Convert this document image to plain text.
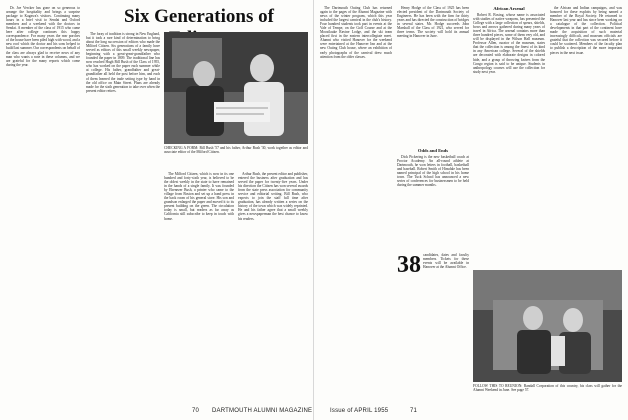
Dr. Joe Vercker has gone on so generous to arrange the hospitality and brings a surprise package to Kagawa's visitors. Continuing many hours in a brief visit to Sendai and Oxford members and a weekend with the doctors in Sendai. A member of the class of 1915 who came here after college continues this happy correspondence. For many years the rear porches of the house have been piled high with wood, and a new roof which the doctor and his sons helped to build last summer. Our correspondents on behalf of the class are always glad to receive news of any man who wants a note in these columns, and we are grateful for the many reports which come during the year.

Six Generations of

The foray of tradition is strong in New England, but it took a rare kind of determination to bring about the long succession of editors who made the Milford Citizen. Six generations of a family have served as editors of this small weekly newspaper, beginning with a great-great-grandfather who founded the paper in 1809. The traditional line has now reached Hugh Bill Bush of the Class of 1955, who has worked on the paper each summer while at college. His father, grandfather and great-grandfather all held the post before him, and each of them learned the trade setting type by hand in the old office on Main Street. Plans are already made for the sixth generation to take over when the present editor retires.

CHECKING A FORM: Bill Bush '57 and his father, Arthur Bush '30, work together as editor and associate editor of the Milford Citizen.

The Milford Citizen, which is now in its one hundred and forty-sixth year, is believed to be the oldest weekly in the state to have remained in the hands of a single family. It was founded by Ebenezer Bush, a printer who came to the village from Boston and set up a hand press in the back room of his general store. His son and grandson enlarged the paper and moved it to its present building on the green. The circulation today is small, but readers as far away as California still subscribe to keep in touch with home.

Arthur Bush, the present editor and publisher, entered the business after graduation and has served the paper for twenty-five years. Under his direction the Citizen has won several awards from the state press association for community service and editorial writing. Bill Bush, who expects to join the staff full time after graduation, has already written a series on the history of the town which was widely reprinted. He and his father agree that a small weekly gives a newspaperman the best chance to know his readers.

70 DARTMOUTH ALUMNI MAGAZINE

The Dartmouth Outing Club has returned again to the pages of the Alumni Magazine with news of the winter program, which this year included the largest carnival in the club's history. Four hundred students took part in events at the Vale of Tempe, on the Golf Course and at the Moosilauke Ravine Lodge, and the ski team placed first in the eastern intercollegiate meet. Alumni who visited Hanover for the weekend were entertained at the Hanover Inn and at the new Outing Club house, where an exhibition of early photographs of the carnival drew much attention from the older classes.

Henry Hodge of the Class of 1925 has been elected president of the Dartmouth Society of Engineers. He has been with the firm for thirty years and has directed the construction of bridges in several states. Mr. Hodge succeeds John Marshall of the Class of 1921, who served for three terms. The society will hold its annual meeting in Hanover in June.

Odds and Ends

Dick Pickering is the new basketball coach at Proctor Academy. An all-round athlete at Dartmouth, he won letters in football, basketball and baseball. Robert Smith of Hinsdale has been named principal of the high school in his home town. The Tuck School has announced a new series of conferences for businessmen to be held during the summer months.

38 candidates, dates and faculty members. Tickets for these events will be available in Hanover at the Alumni Office.

African Arsenal

Robert R. Bosing, whose name is associated with studies of native weapons, has presented the College with a large collection of spears, shields, bows and arrows gathered during many years of travel in Africa. The arsenal contains more than three hundred pieces, some of them very old, and will be displayed in the Wilson Hall museum. Professor Allen, curator of the museum, states that the collection is among the finest of its kind in any American college. Several of the shields are decorated with elaborate designs in colored hide, and a group of throwing knives from the Congo region is said to be unique. Students in anthropology courses will use the collection for study next year.

the African and Indian campaigns, and was honored for these exploits by being named a member of the Royal Society. He returned to Hanover last year and has since been working on a catalogue of the collection. Political developments in that part of the continent have made the acquisition of such material increasingly difficult, and museum officials are grateful that the collection was secured before it could be scattered. Members of the faculty plan to publish a description of the more important pieces in the next issue.

FOLLOW THIS TO REUNION: Randall Corporation of this country, his class will gather for the Alumni Weekend in June. See page 57.

Issue of APRIL 1955	71
